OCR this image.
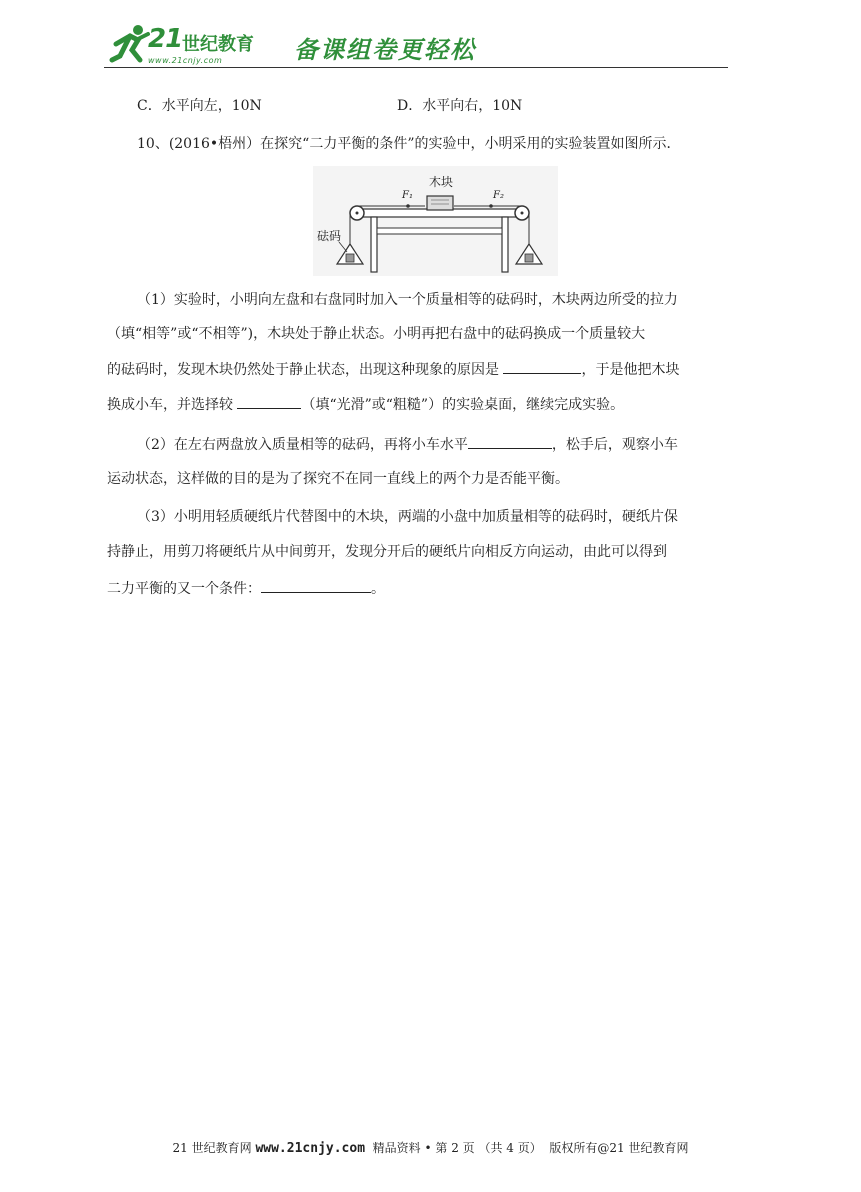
21 世纪教育
www.21cnjy.com	备课组卷更轻松
C．水平向左，10N	D．水平向右，10N
10、(2016•梧州）在探究“二力平衡的条件”的实验中，小明采用的实验装置如图所示．
木块
F₁	F₂
砝码
（1）实验时，小明向左盘和右盘同时加入一个质量相等的砝码时，木块两边所受的拉力
（填“相等”或“不相等”)，木块处于静止状态。小明再把右盘中的砝码换成一个质量较大
的砝码时，发现木块仍然处于静止状态，出现这种现象的原因是	，于是他把木块
换成小车，并选择较	（填“光滑”或“粗糙”）的实验桌面，继续完成实验。
（2）在左右两盘放入质量相等的砝码，再将小车水平	，松手后，观察小车
运动状态，这样做的目的是为了探究不在同一直线上的两个力是否能平衡。
（3）小明用轻质硬纸片代替图中的木块，两端的小盘中加质量相等的砝码时，硬纸片保
持静止，用剪刀将硬纸片从中间剪开，发现分开后的硬纸片向相反方向运动，由此可以得到
二力平衡的又一个条件：	。
21 世纪教育网 www.21cnjy.com 精品资料 • 第 2 页 （共 4 页） 版权所有@21 世纪教育网
